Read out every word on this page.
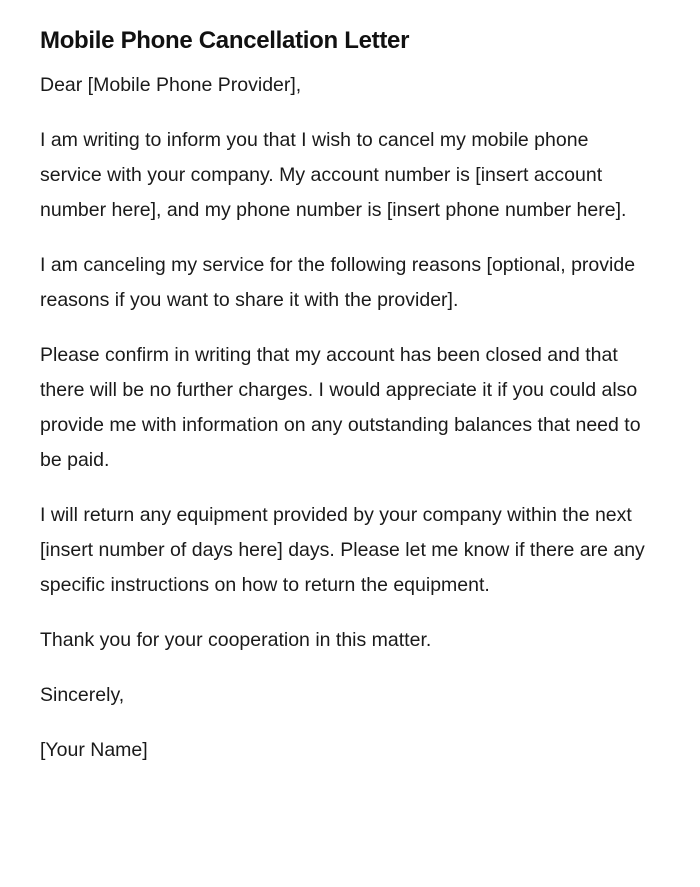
Mobile Phone Cancellation Letter

Dear [Mobile Phone Provider],

I am writing to inform you that I wish to cancel my mobile phone service with your company. My account number is [insert account number here], and my phone number is [insert phone number here].

I am canceling my service for the following reasons [optional, provide reasons if you want to share it with the provider].

Please confirm in writing that my account has been closed and that there will be no further charges. I would appreciate it if you could also provide me with information on any outstanding balances that need to be paid.

I will return any equipment provided by your company within the next [insert number of days here] days. Please let me know if there are any specific instructions on how to return the equipment.

Thank you for your cooperation in this matter.

Sincerely,

[Your Name]
